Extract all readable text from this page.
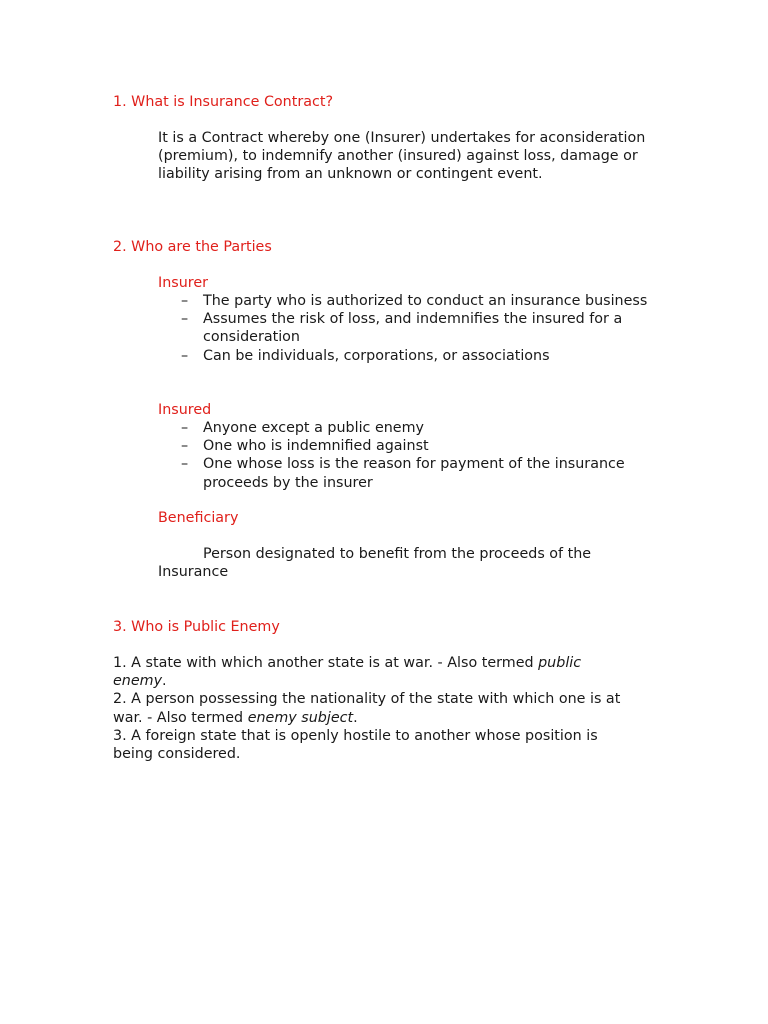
1. What is Insurance Contract?
It is a Contract whereby one (Insurer) undertakes for aconsideration (premium), to indemnify another (insured) against loss, damage or liability arising from an unknown or contingent event.
2. Who are the Parties
Insurer
– The party who is authorized to conduct an insurance business
– Assumes the risk of loss, and indemnifies the insured for a consideration
– Can be individuals, corporations, or associations
Insured
– Anyone except a public enemy
– One who is indemnified against
– One whose loss is the reason for payment of the insurance proceeds by the insurer
Beneficiary
Person designated to benefit from the proceeds of the Insurance
3. Who is Public Enemy

1. A state with which another state is at war. - Also termed public enemy.

2. A person possessing the nationality of the state with which one is at war. - Also termed enemy subject.

3. A foreign state that is openly hostile to another whose position is being considered.
